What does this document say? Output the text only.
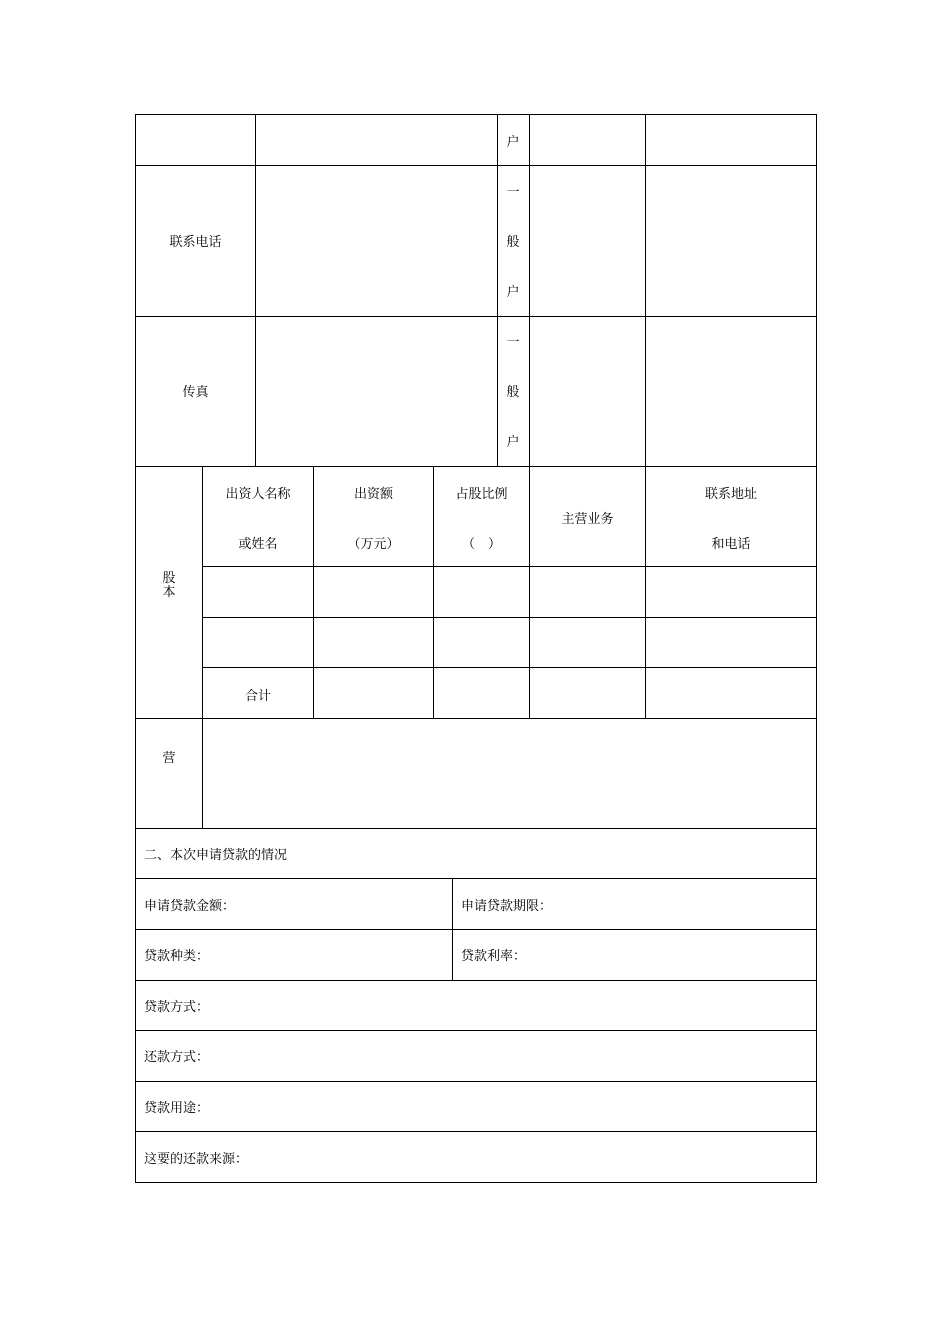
户
联系电话
一
般
户
传真
一
般
户
股
本
出资人名称
或姓名
出资额
（万元）
占股比例
（　）
主营业务
联系地址
和电话
合计
营
二、本次申请贷款的情况
申请贷款金额：	申请贷款期限：
贷款种类：	贷款利率：
贷款方式：
还款方式：
贷款用途：
这要的还款来源：
